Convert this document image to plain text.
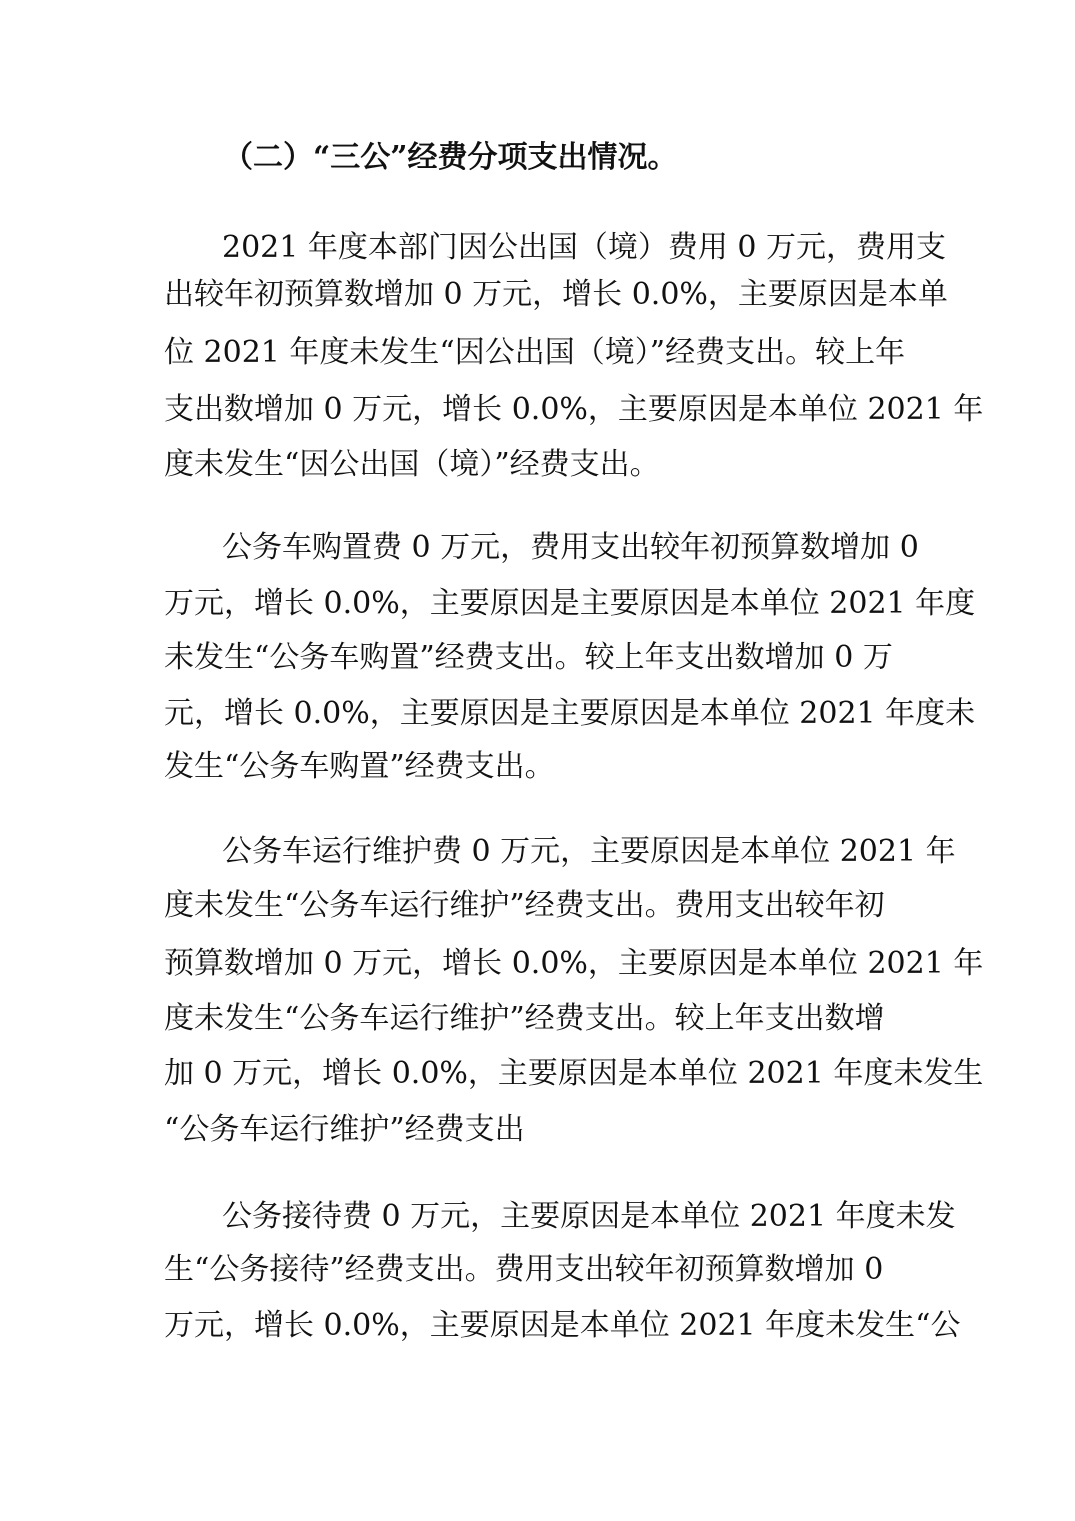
（二）“三公”经费分项支出情况。
2021 年度本部门因公出国（境）费用 0 万元，费用支
出较年初预算数增加 0 万元，增长 0.0%，主要原因是本单
位 2021 年度未发生“因公出国（境）”经费支出。较上年
支出数增加 0 万元，增长 0.0%，主要原因是本单位 2021 年
度未发生“因公出国（境）”经费支出。
公务车购置费 0 万元，费用支出较年初预算数增加 0
万元，增长 0.0%，主要原因是主要原因是本单位 2021 年度
未发生“公务车购置”经费支出。较上年支出数增加 0 万
元，增长 0.0%，主要原因是主要原因是本单位 2021 年度未
发生“公务车购置”经费支出。
公务车运行维护费 0 万元，主要原因是本单位 2021 年
度未发生“公务车运行维护”经费支出。费用支出较年初
预算数增加 0 万元，增长 0.0%，主要原因是本单位 2021 年
度未发生“公务车运行维护”经费支出。较上年支出数增
加 0 万元，增长 0.0%，主要原因是本单位 2021 年度未发生
“公务车运行维护”经费支出
公务接待费 0 万元，主要原因是本单位 2021 年度未发
生“公务接待”经费支出。费用支出较年初预算数增加 0
万元，增长 0.0%，主要原因是本单位 2021 年度未发生“公
